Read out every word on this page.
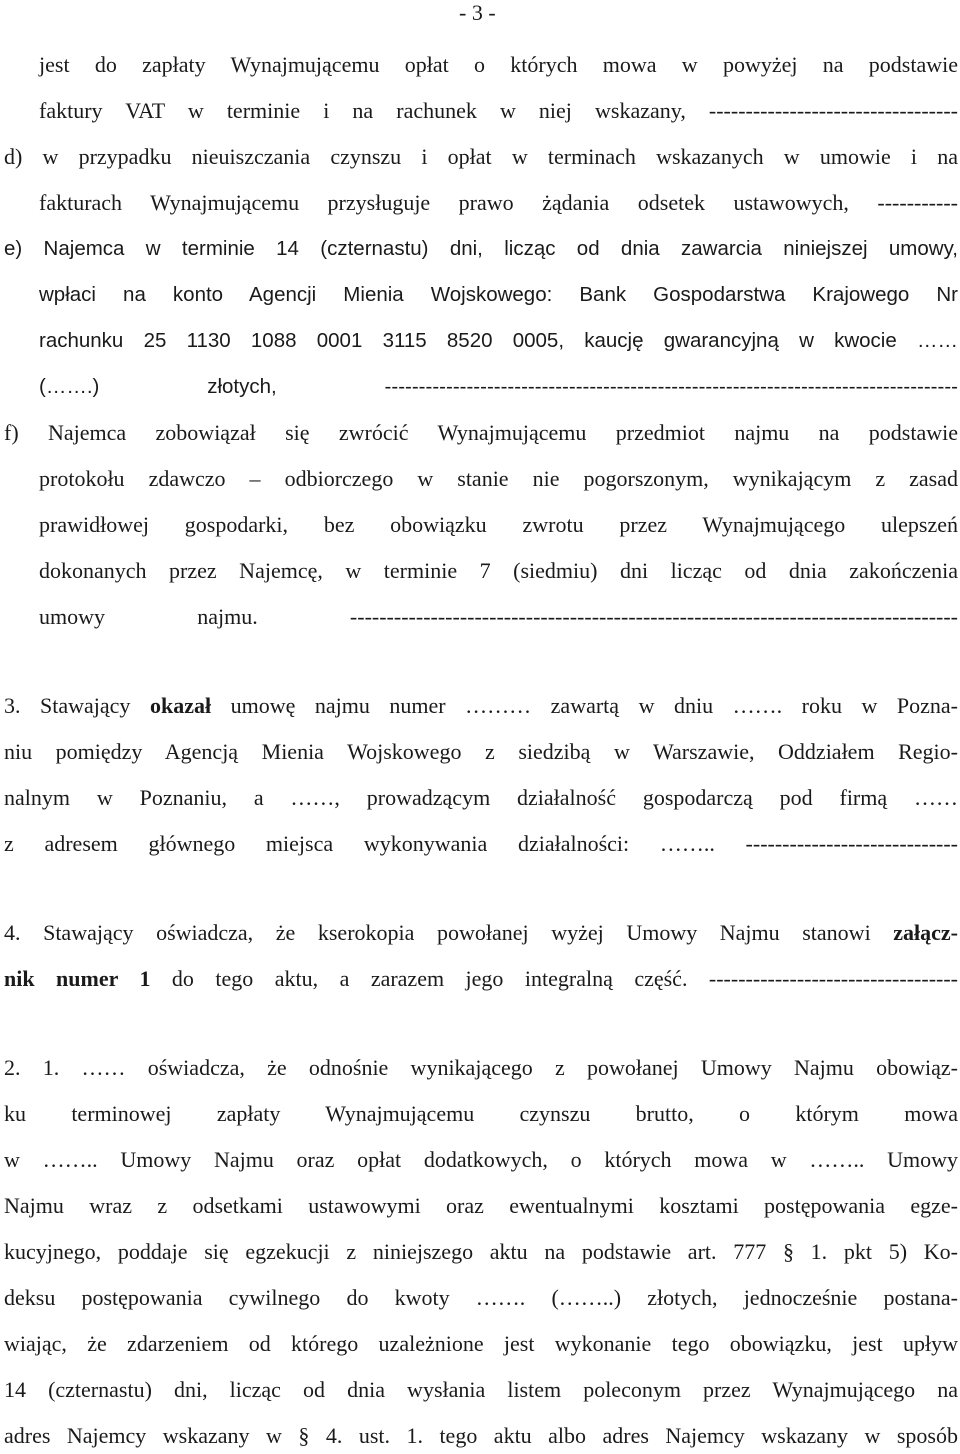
- 3 -
jest do zapłaty Wynajmującemu opłat o których mowa w powyżej na podstawie
faktury VAT w terminie i na rachunek w niej wskazany, ----------------------------------
d) w przypadku nieuiszczania czynszu i opłat w terminach wskazanych w umowie i na
fakturach Wynajmującemu przysługuje prawo żądania odsetek ustawowych, -----------
e) Najemca w terminie 14 (czternastu) dni, licząc od dnia zawarcia niniejszej umowy,
wpłaci na konto Agencji Mienia Wojskowego: Bank Gospodarstwa Krajowego Nr
rachunku 25 1130 1088 0001 3115 8520 0005, kaucję gwarancyjną w kwocie ……
(…….) złotych, ------------------------------------------------------------------------------------
f) Najemca zobowiązał się zwrócić Wynajmującemu przedmiot najmu na podstawie
protokołu zdawczo – odbiorczego w stanie nie pogorszonym, wynikającym z zasad
prawidłowej gospodarki, bez obowiązku zwrotu przez Wynajmującego ulepszeń
dokonanych przez Najemcę, w terminie 7 (siedmiu) dni licząc od dnia zakończenia
umowy najmu. -----------------------------------------------------------------------------------
3. Stawający okazał umowę najmu numer ……… zawartą w dniu ……. roku w Pozna-
niu pomiędzy Agencją Mienia Wojskowego z siedzibą w Warszawie, Oddziałem Regio-
nalnym w Poznaniu, a ……, prowadzącym działalność gospodarczą pod firmą ……
z adresem głównego miejsca wykonywania działalności: …….. -----------------------------
4. Stawający oświadcza, że kserokopia powołanej wyżej Umowy Najmu stanowi załącz-
nik numer 1 do tego aktu, a zarazem jego integralną część. ----------------------------------
2. 1. …… oświadcza, że odnośnie wynikającego z powołanej Umowy Najmu obowiąz-
ku terminowej zapłaty Wynajmującemu czynszu brutto, o którym mowa
w …….. Umowy Najmu oraz opłat dodatkowych, o których mowa w …….. Umowy
Najmu wraz z odsetkami ustawowymi oraz ewentualnymi kosztami postępowania egze-
kucyjnego, poddaje się egzekucji z niniejszego aktu na podstawie art. 777 § 1. pkt 5) Ko-
deksu postępowania cywilnego do kwoty ……. (……..) złotych, jednocześnie postana-
wiając, że zdarzeniem od którego uzależnione jest wykonanie tego obowiązku, jest upływ
14 (czternastu) dni, licząc od dnia wysłania listem poleconym przez Wynajmującego na
adres Najemcy wskazany w § 4. ust. 1. tego aktu albo adres Najemcy wskazany w sposób
